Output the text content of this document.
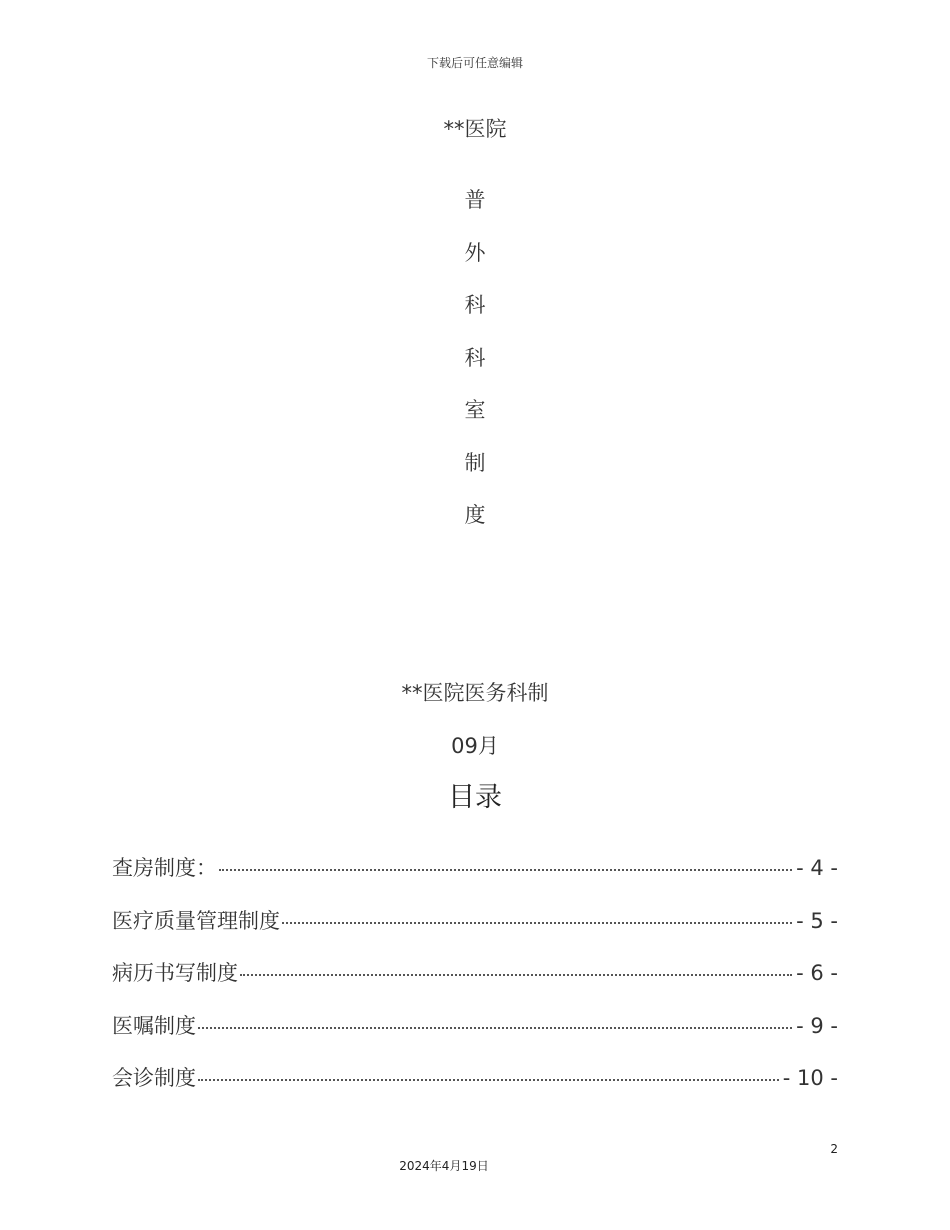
下载后可任意编辑
**医院
普
外
科
科
室
制
度
**医院医务科制
09月
目录
查房制度：	- 4 -
医疗质量管理制度	- 5 -
病历书写制度	- 6 -
医嘱制度	- 9 -
会诊制度	- 10 -
2
2024年4月19日
